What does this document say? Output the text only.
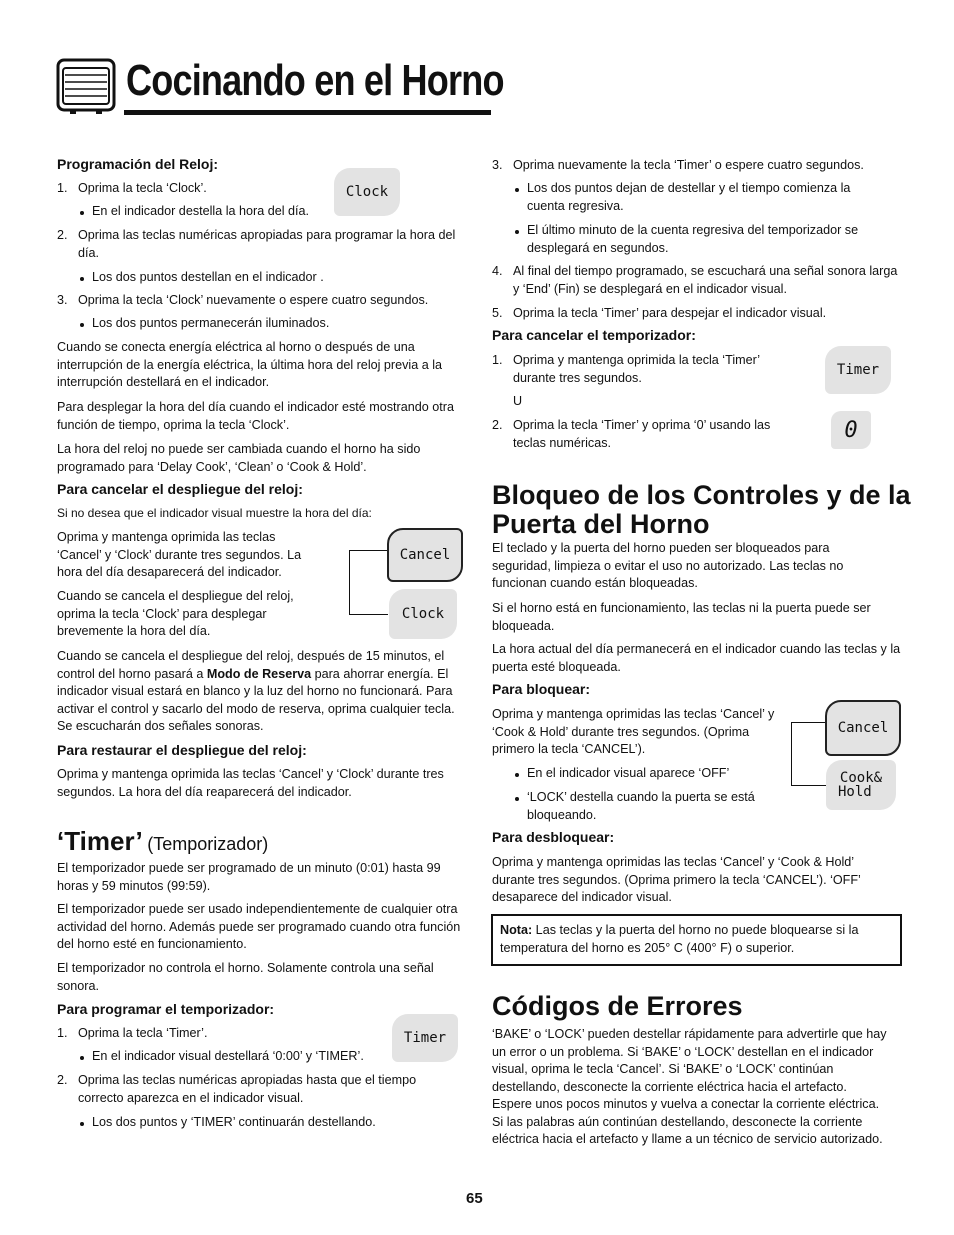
Cocinando en el Horno
Programación del Reloj:
Clock
1. Oprima la tecla ‘Clock’.
En el indicador destella la hora del día.
2. Oprima las teclas numéricas apropiadas para programar la hora del día.
Los dos puntos destellan en el indicador .
3. Oprima la tecla ‘Clock’ nuevamente o espere cuatro segundos.
Los dos puntos permanecerán iluminados.
Cuando se conecta energía eléctrica al horno o después de una interrupción de la energía eléctrica, la última hora del reloj previa a la interrupción destellará en el indicador.
Para desplegar la hora del día cuando el indicador esté mostrando otra función de tiempo, oprima la tecla ‘Clock’.
La hora del reloj no puede ser cambiada cuando el horno ha sido programado para ‘Delay Cook’, ‘Clean’ o ‘Cook & Hold’.
Para cancelar el despliegue del reloj:
Si no desea que el indicador visual muestre la hora del día:
Oprima y mantenga oprimida las teclas ‘Cancel’ y ‘Clock’ durante tres segundos. La hora del día desaparecerá del indicador.
Cuando se cancela el despliegue del reloj, oprima la tecla ‘Clock’ para desplegar brevemente la hora del día.
Cancel
Clock
Cuando se cancela el despliegue del reloj, después de 15 minutos, el control del horno pasará a Modo de Reserva para ahorrar energía. El indicador visual estará en blanco y la luz del horno no funcionará. Para activar el control y sacarlo del modo de reserva, oprima cualquier tecla. Se escucharán dos señales sonoras.
Para restaurar el despliegue del reloj:
Oprima y mantenga oprimida las teclas ‘Cancel’ y ‘Clock’ durante tres segundos. La hora del día reaparecerá del indicador.
‘Timer’ (Temporizador)
El temporizador puede ser programado de un minuto (0:01) hasta 99 horas y 59 minutos (99:59).
El temporizador puede ser usado independientemente de cualquier otra actividad del horno. Además puede ser programado cuando otra función del horno esté en funcionamiento.
El temporizador no controla el horno. Solamente controla una señal sonora.
Para programar el temporizador:
Timer
1. Oprima la tecla ‘Timer’.
En el indicador visual destellará ‘0:00’ y ‘TIMER’.
2. Oprima las teclas numéricas apropiadas hasta que el tiempo correcto aparezca en el indicador visual.
Los dos puntos y ‘TIMER’ continuarán destellando.
3. Oprima nuevamente la tecla ‘Timer’ o espere cuatro segundos.
Los dos puntos dejan de destellar y el tiempo comienza la cuenta regresiva.
El último minuto de la cuenta regresiva del temporizador se desplegará en segundos.
4. Al final del tiempo programado, se escuchará una señal sonora larga y ‘End’ (Fin) se desplegará en el indicador visual.
5. Oprima la tecla ‘Timer’ para despejar el indicador visual.
Para cancelar el temporizador:
Timer
1. Oprima y mantenga oprimida la tecla ‘Timer’ durante tres segundos.
U
2. Oprima la tecla ‘Timer’ y oprima ‘0’ usando las teclas numéricas.	0
Bloqueo de los Controles y de la Puerta del Horno
El teclado y la puerta del horno pueden ser bloqueados para seguridad, limpieza o evitar el uso no autorizado. Las teclas no funcionan cuando están bloqueadas.
Si el horno está en funcionamiento, las teclas ni la puerta puede ser bloqueada.
La hora actual del día permanecerá en el indicador cuando las teclas y la puerta esté bloqueada.
Para bloquear:
Oprima y mantenga oprimidas las teclas ‘Cancel’ y ‘Cook & Hold’ durante tres segundos. (Oprima primero la tecla ‘CANCEL’).
En el indicador visual aparece ‘OFF’
‘LOCK’ destella cuando la puerta se está bloqueando.
Cancel
Cook&
Hold
Para desbloquear:
Oprima y mantenga oprimidas las teclas ‘Cancel’ y ‘Cook & Hold’ durante tres segundos. (Oprima primero la tecla ‘CANCEL’). ‘OFF’ desaparece del indicador visual.
Nota: Las teclas y la puerta del horno no puede bloquearse si la temperatura del horno es 205° C (400° F) o superior.
Códigos de Errores
‘BAKE’ o ‘LOCK’ pueden destellar rápidamente para advertirle que hay un error o un problema. Si ‘BAKE’ o ‘LOCK’ destellan en el indicador visual, oprima le tecla ‘Cancel’. Si ‘BAKE’ o ‘LOCK’ continúan destellando, desconecte la corriente eléctrica hacia el artefacto. Espere unos pocos minutos y vuelva a conectar la corriente eléctrica. Si las palabras aún continúan destellando, desconecte la corriente eléctrica hacia el artefacto y llame a un técnico de servicio autorizado.
65
